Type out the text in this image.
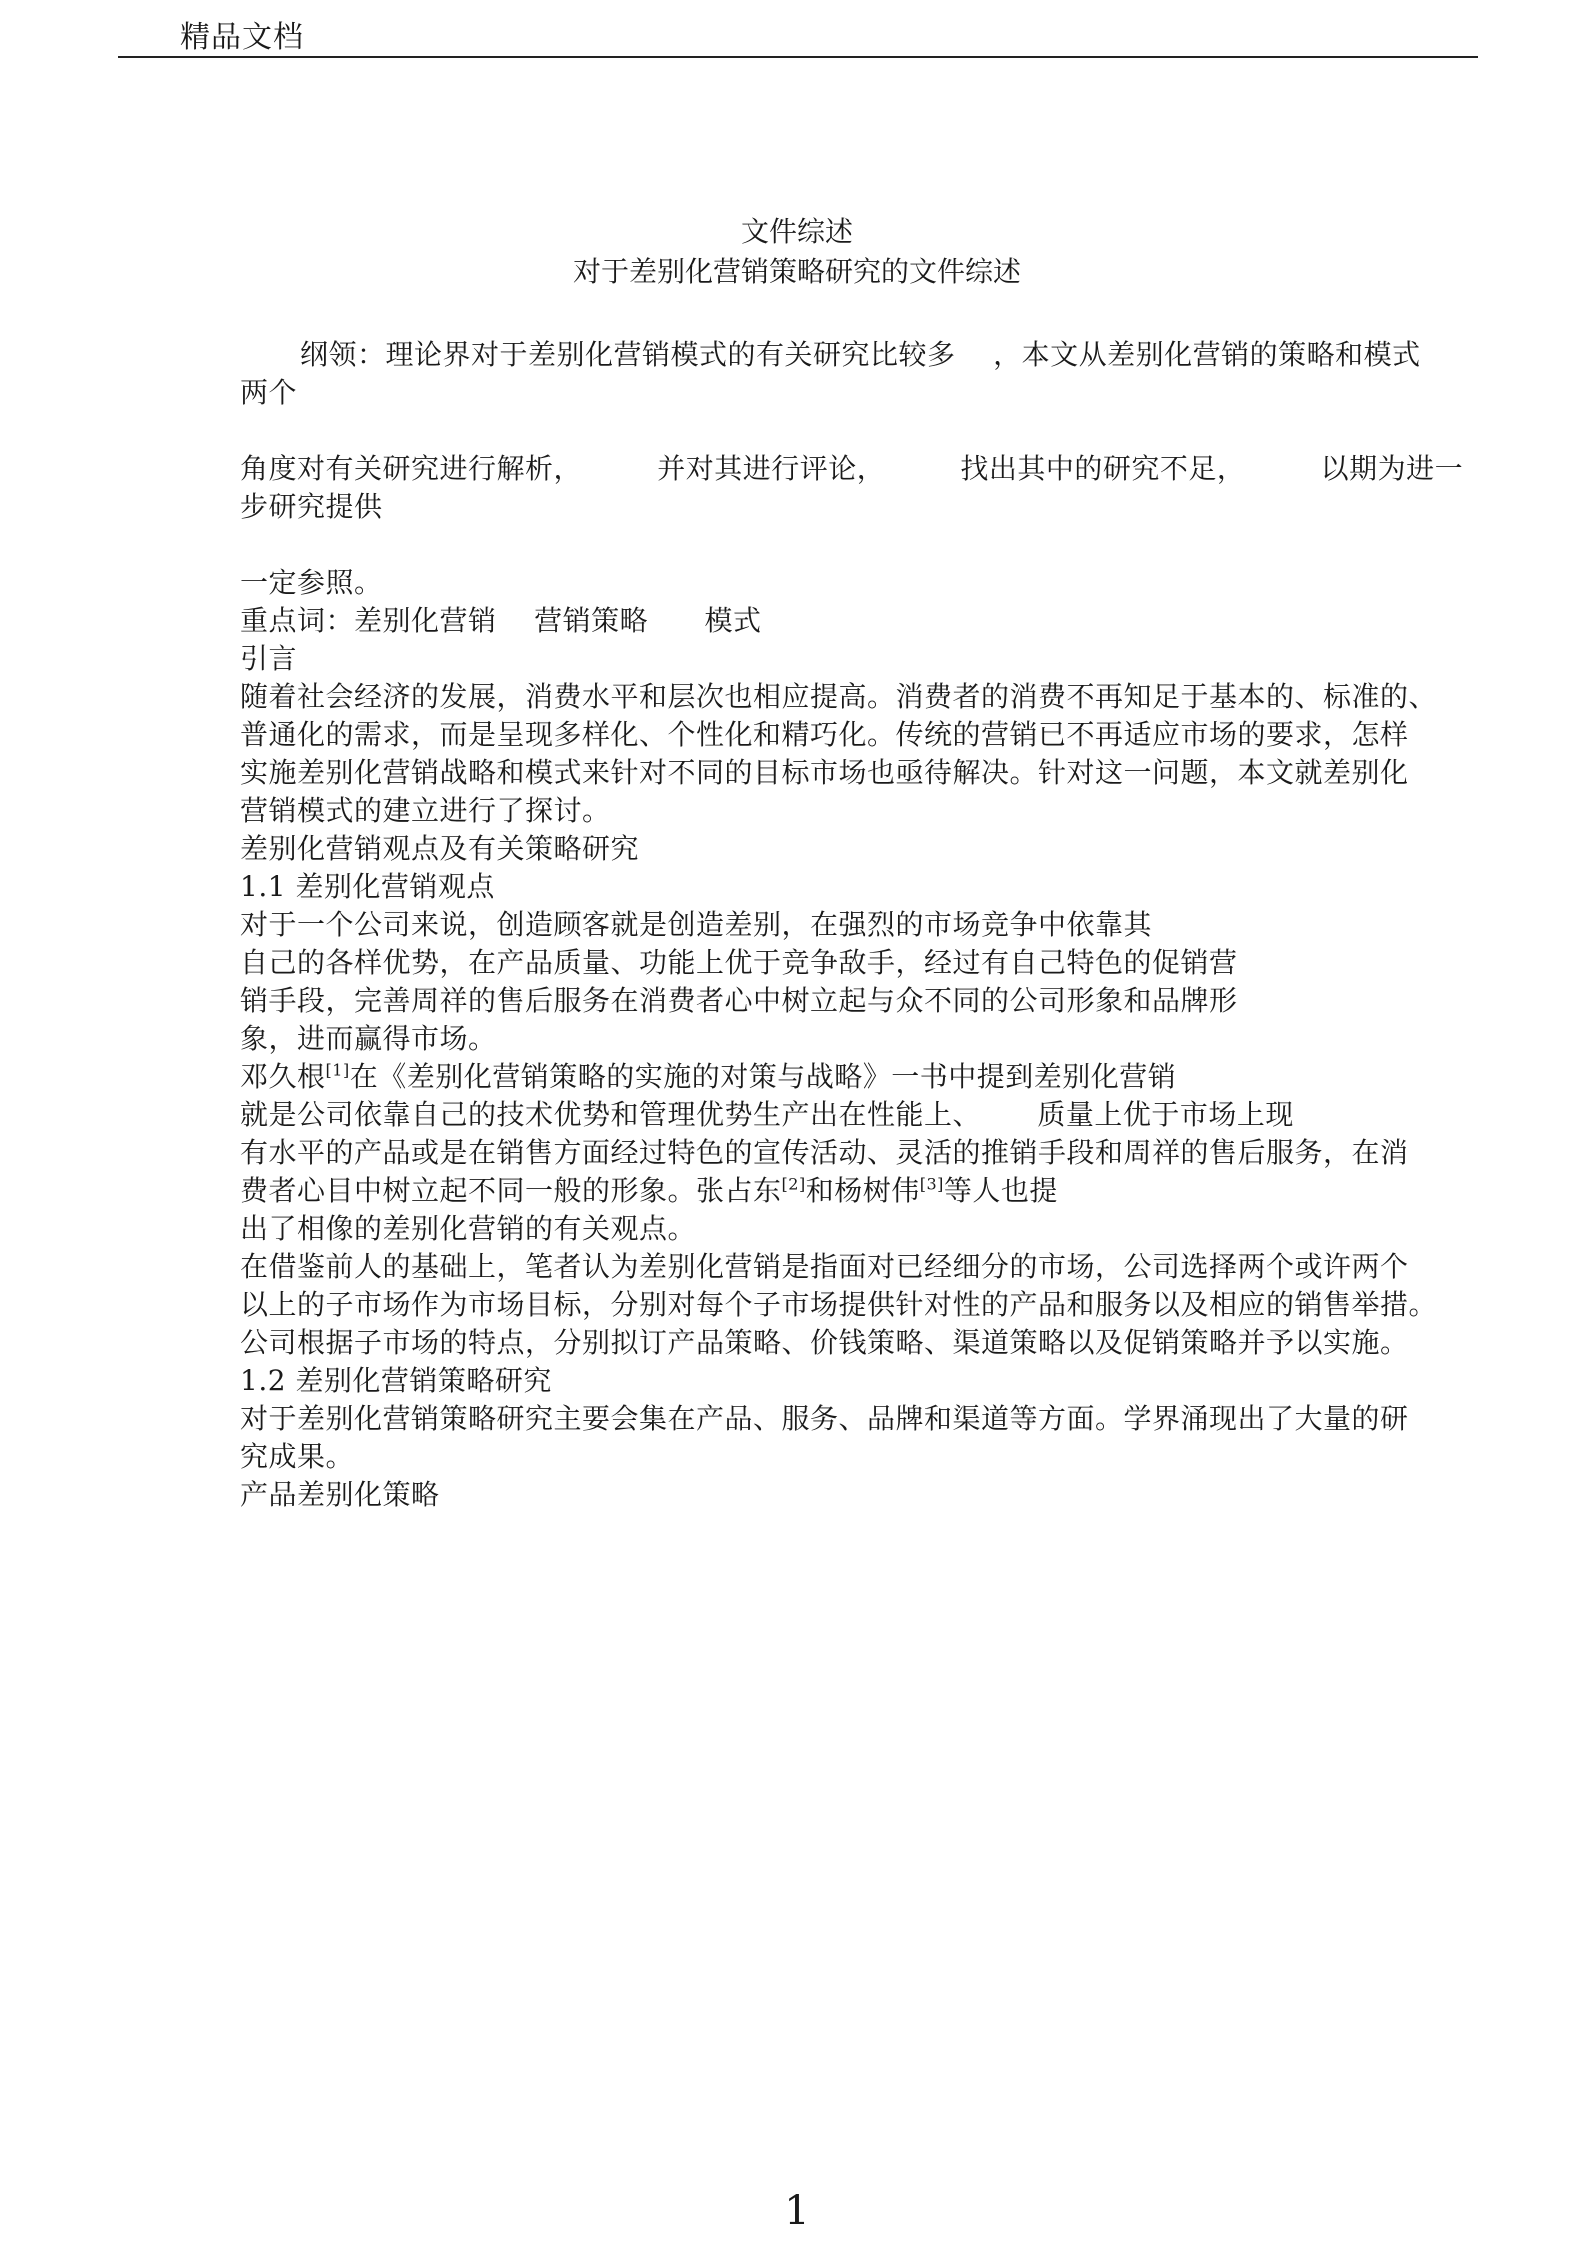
精品文档
文件综述
对于差别化营销策略研究的文件综述
纲领：理论界对于差别化营销模式的有关研究比较多    ，本文从差别化营销的策略和模式
两个
角度对有关研究进行解析，        并对其进行评论，        找出其中的研究不足，        以期为进一
步研究提供
一定参照。
重点词：差别化营销    营销策略      模式
引言
随着社会经济的发展，消费水平和层次也相应提高。消费者的消费不再知足于基本的、标准的、
普通化的需求，而是呈现多样化、个性化和精巧化。传统的营销已不再适应市场的要求，怎样
实施差别化营销战略和模式来针对不同的目标市场也亟待解决。针对这一问题，本文就差别化
营销模式的建立进行了探讨。
差别化营销观点及有关策略研究
1.1 差别化营销观点
对于一个公司来说，创造顾客就是创造差别，在强烈的市场竞争中依靠其
自己的各样优势，在产品质量、功能上优于竞争敌手，经过有自己特色的促销营
销手段，完善周祥的售后服务在消费者心中树立起与众不同的公司形象和品牌形
象，进而赢得市场。
邓久根[1]在《差别化营销策略的实施的对策与战略》一书中提到差别化营销
就是公司依靠自己的技术优势和管理优势生产出在性能上、      质量上优于市场上现
有水平的产品或是在销售方面经过特色的宣传活动、灵活的推销手段和周祥的售后服务，在消
费者心目中树立起不同一般的形象。张占东[2]和杨树伟[3]等人也提
出了相像的差别化营销的有关观点。
在借鉴前人的基础上，笔者认为差别化营销是指面对已经细分的市场，公司选择两个或许两个
以上的子市场作为市场目标，分别对每个子市场提供针对性的产品和服务以及相应的销售举措。
公司根据子市场的特点，分别拟订产品策略、价钱策略、渠道策略以及促销策略并予以实施。
1.2 差别化营销策略研究
对于差别化营销策略研究主要会集在产品、服务、品牌和渠道等方面。学界涌现出了大量的研
究成果。
产品差别化策略
1
